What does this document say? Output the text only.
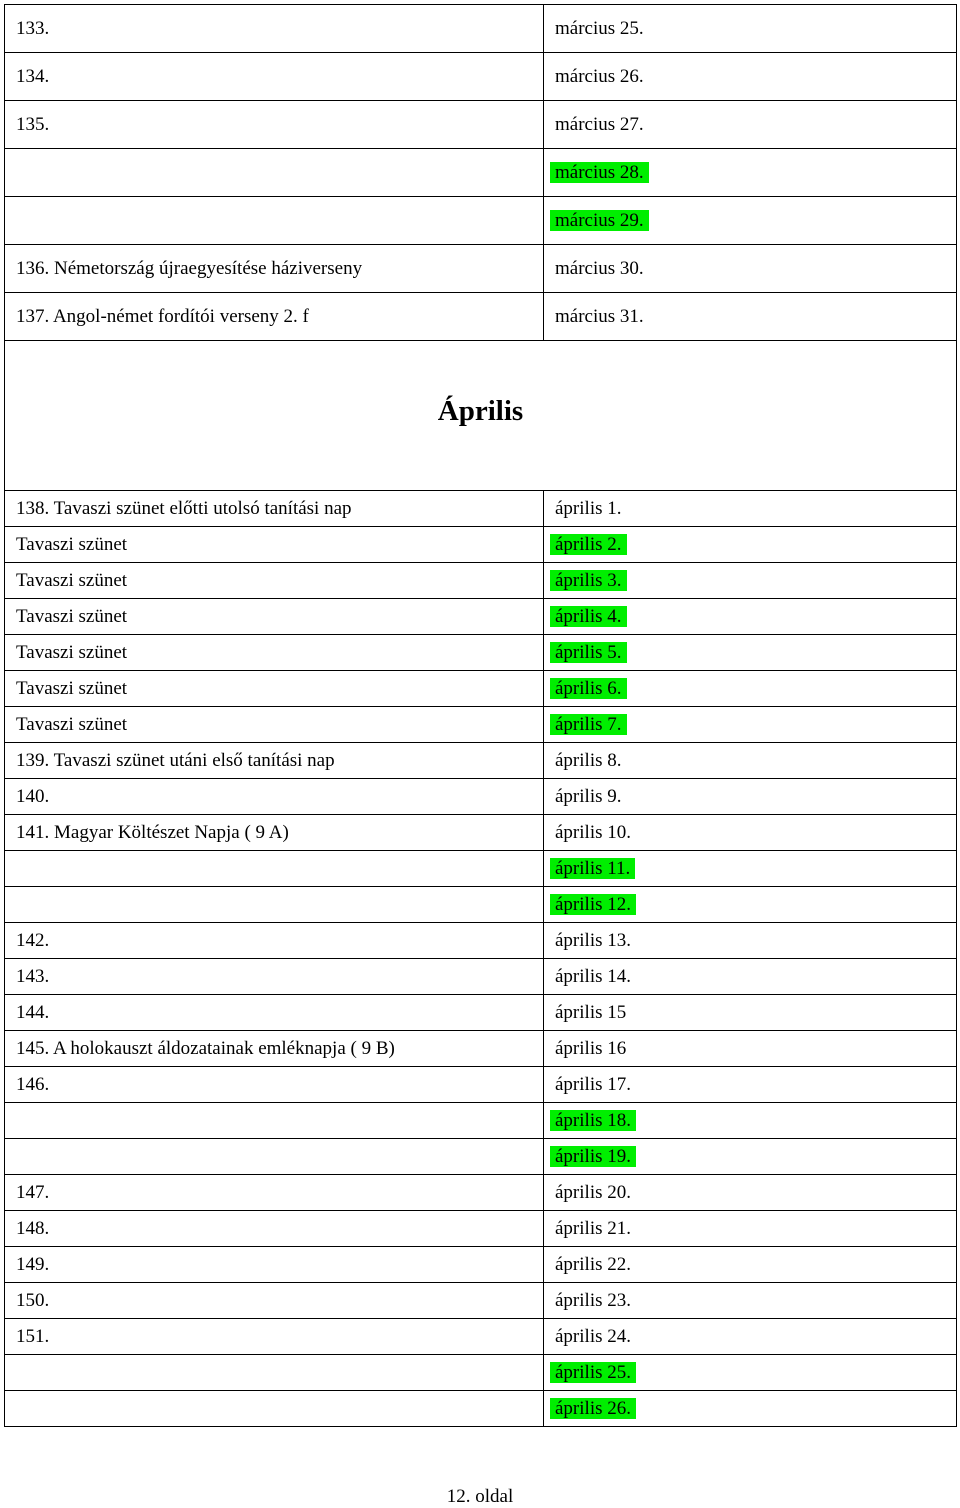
133.	március 25.
134.	március 26.
135.	március 27.
	március 28.
	március 29.
136. Németország újraegyesítése háziverseny	március 30.
137. Angol-német fordítói verseny 2. f	március 31.
Április	
138. Tavaszi szünet előtti utolsó tanítási nap	április 1.
Tavaszi szünet	április 2.
Tavaszi szünet	április 3.
Tavaszi szünet	április 4.
Tavaszi szünet	április 5.
Tavaszi szünet	április 6.
Tavaszi szünet	április 7.
139. Tavaszi szünet utáni első tanítási nap	április 8.
140.	április 9.
141. Magyar Költészet Napja ( 9 A)	április 10.
	április 11.
	április 12.
142.	április 13.
143.	április 14.
144.	április 15
145. A holokauszt áldozatainak emléknapja ( 9 B)	április 16
146.	április 17.
	április 18.
	április 19.
147.	április 20.
148.	április 21.
149.	április 22.
150.	április 23.
151.	április 24.
	április 25.
	április 26.
12. oldal
